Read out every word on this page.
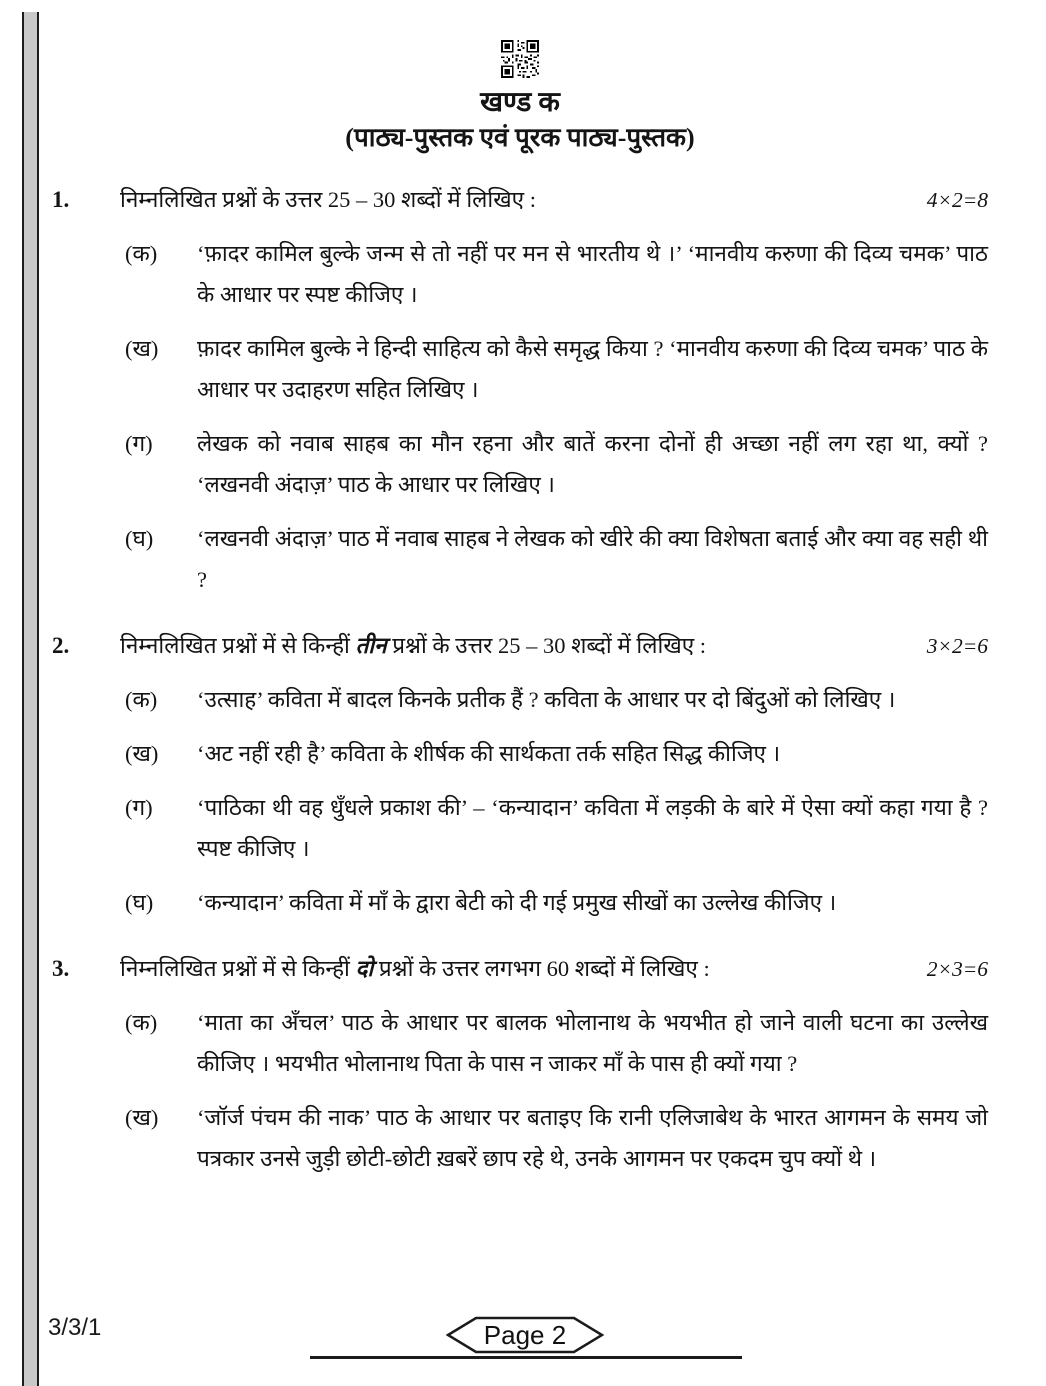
खण्ड क
(पाठ्य-पुस्तक एवं पूरक पाठ्य-पुस्तक)
1.	निम्नलिखित प्रश्नों के उत्तर 25 – 30 शब्दों में लिखिए :	4×2=8
(क)	‘फ़ादर कामिल बुल्के जन्म से तो नहीं पर मन से भारतीय थे ।’ ‘मानवीय करुणा की दिव्य चमक’ पाठ के आधार पर स्पष्ट कीजिए ।
(ख)	फ़ादर कामिल बुल्के ने हिन्दी साहित्य को कैसे समृद्ध किया ? ‘मानवीय करुणा की दिव्य चमक’ पाठ के आधार पर उदाहरण सहित लिखिए ।
(ग)	लेखक को नवाब साहब का मौन रहना और बातें करना दोनों ही अच्छा नहीं लग रहा था, क्यों ? ‘लखनवी अंदाज़’ पाठ के आधार पर लिखिए ।
(घ)	‘लखनवी अंदाज़’ पाठ में नवाब साहब ने लेखक को खीरे की क्या विशेषता बताई और क्या वह सही थी ?
2.	निम्नलिखित प्रश्नों में से किन्हीं तीन प्रश्नों के उत्तर 25 – 30 शब्दों में लिखिए :	3×2=6
(क)	‘उत्साह’ कविता में बादल किनके प्रतीक हैं ? कविता के आधार पर दो बिंदुओं को लिखिए ।
(ख)	‘अट नहीं रही है’ कविता के शीर्षक की सार्थकता तर्क सहित सिद्ध कीजिए ।
(ग)	‘पाठिका थी वह धुँधले प्रकाश की’ – ‘कन्यादान’ कविता में लड़की के बारे में ऐसा क्यों कहा गया है ? स्पष्ट कीजिए ।
(घ)	‘कन्यादान’ कविता में माँ के द्वारा बेटी को दी गई प्रमुख सीखों का उल्लेख कीजिए ।
3.	निम्नलिखित प्रश्नों में से किन्हीं दो प्रश्नों के उत्तर लगभग 60 शब्दों में लिखिए :	2×3=6
(क)	‘माता का अँचल’ पाठ के आधार पर बालक भोलानाथ के भयभीत हो जाने वाली घटना का उल्लेख कीजिए । भयभीत भोलानाथ पिता के पास न जाकर माँ के पास ही क्यों गया ?
(ख)	‘जॉर्ज पंचम की नाक’ पाठ के आधार पर बताइए कि रानी एलिजाबेथ के भारत आगमन के समय जो पत्रकार उनसे जुड़ी छोटी-छोटी ख़बरें छाप रहे थे, उनके आगमन पर एकदम चुप क्यों थे ।
3/3/1	Page 2
